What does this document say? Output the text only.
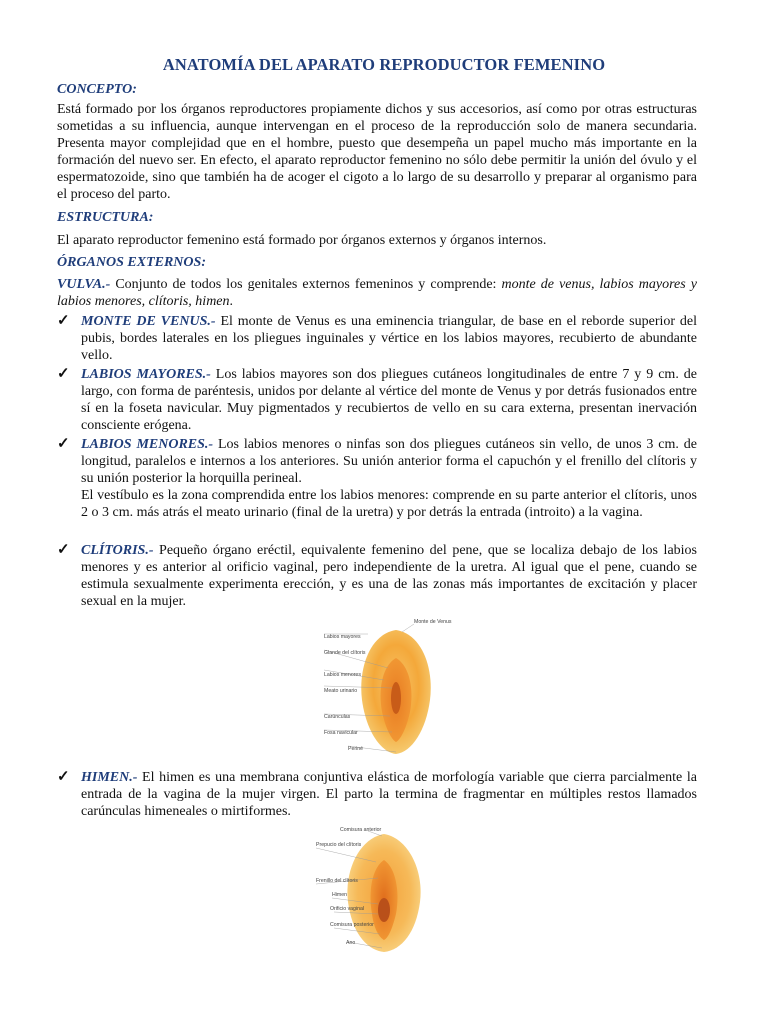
ANATOMÍA DEL APARATO REPRODUCTOR FEMENINO
CONCEPTO:
Está formado por los órganos reproductores propiamente dichos y sus accesorios, así como por otras estructuras sometidas a su influencia, aunque intervengan en el proceso de la reproducción solo de manera secundaria. Presenta mayor complejidad que en el hombre, puesto que desempeña un papel mucho más importante en la formación del nuevo ser. En efecto, el aparato reproductor femenino no sólo debe permitir la unión del óvulo y el espermatozoide, sino que también ha de acoger el cigoto a lo largo de su desarrollo y preparar al organismo para el proceso del parto.
ESTRUCTURA:
El aparato reproductor femenino está formado por órganos externos y órganos internos.
ÓRGANOS EXTERNOS:
VULVA.- Conjunto de todos los genitales externos femeninos y comprende: monte de venus, labios mayores y labios menores, clítoris, himen.
✓ MONTE DE VENUS.- El monte de Venus es una eminencia triangular, de base en el reborde superior del pubis, bordes laterales en los pliegues inguinales y vértice en los labios mayores, recubierto de abundante vello.
✓ LABIOS MAYORES.- Los labios mayores son dos pliegues cutáneos longitudinales de entre 7 y 9 cm. de largo, con forma de paréntesis, unidos por delante al vértice del monte de Venus y por detrás fusionados entre sí en la foseta navicular. Muy pigmentados y recubiertos de vello en su cara externa, presentan inervación consciente erógena.
✓ LABIOS MENORES.- Los labios menores o ninfas son dos pliegues cutáneos sin vello, de unos 3 cm. de longitud, paralelos e internos a los anteriores. Su unión anterior forma el capuchón y el frenillo del clítoris y su unión posterior la horquilla perineal.
El vestíbulo es la zona comprendida entre los labios menores: comprende en su parte anterior el clítoris, unos 2 o 3 cm. más atrás el meato urinario (final de la uretra) y por detrás la entrada (introito) a la vagina.
✓ CLÍTORIS.- Pequeño órgano eréctil, equivalente femenino del pene, que se localiza debajo de los labios menores y es anterior al orificio vaginal, pero independiente de la uretra. Al igual que el pene, cuando se estimula sexualmente experimenta erección, y es una de las zonas más importantes de excitación y placer sexual en la mujer.
Monte de Venus
Labios mayores
Glande del clítoris
Labios menores
Meato urinario
Carúnculas
Fosa navicular
Periné
✓ HIMEN.- El himen es una membrana conjuntiva elástica de morfología variable que cierra parcialmente la entrada de la vagina de la mujer virgen. El parto la termina de fragmentar en múltiples restos llamados carúnculas himeneales o mirtiformes.
Comisura anterior
Prepucio del clítoris
Frenillo del clítoris
Himen
Orificio vaginal
Comisura posterior
Ano
